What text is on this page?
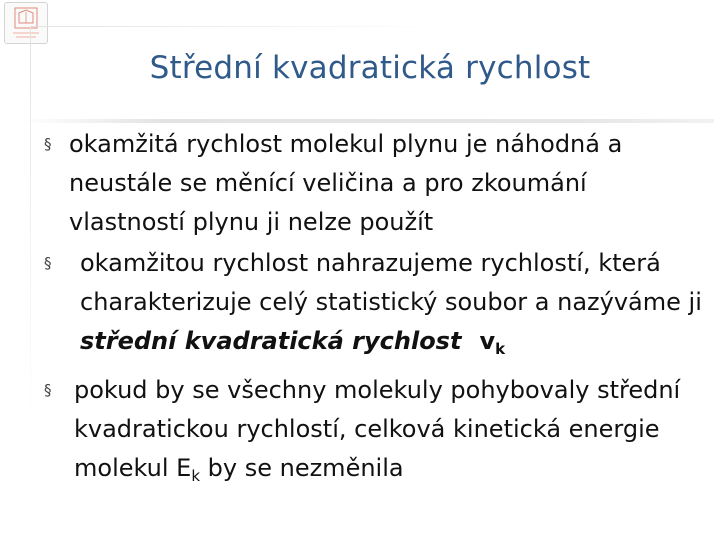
Střední kvadratická rychlost
§ okamžitá rychlost molekul plynu je náhodná a neustále se měnící veličina a pro zkoumání vlastností plynu ji nelze použít
§ okamžitou rychlost nahrazujeme rychlostí, která charakterizuje celý statistický soubor a nazýváme ji střední kvadratická rychlost $v_k$
§ pokud by se všechny molekuly pohybovaly střední kvadratickou rychlostí, celková kinetická energie molekul $E_k$ by se nezměnila
